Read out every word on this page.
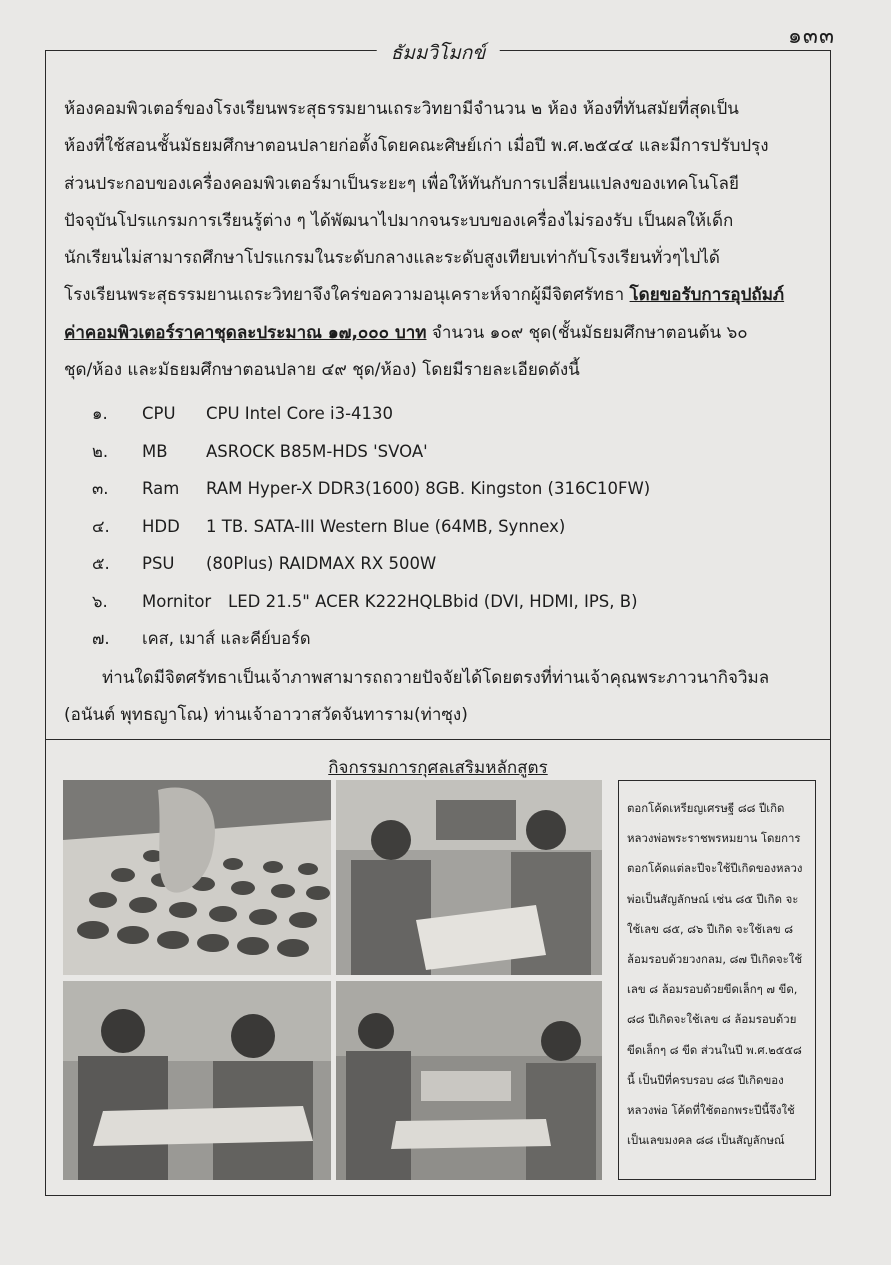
๑๓๓
ธัมมวิโมกข์

ห้องคอมพิวเตอร์ของโรงเรียนพระสุธรรมยานเถระวิทยามีจำนวน ๒ ห้อง ห้องที่ทันสมัยที่สุดเป็น

ห้องที่ใช้สอนชั้นมัธยมศึกษาตอนปลายก่อตั้งโดยคณะศิษย์เก่า เมื่อปี พ.ศ.๒๕๔๔ และมีการปรับปรุง

ส่วนประกอบของเครื่องคอมพิวเตอร์มาเป็นระยะๆ เพื่อให้ทันกับการเปลี่ยนแปลงของเทคโนโลยี

ปัจจุบันโปรแกรมการเรียนรู้ต่าง ๆ ได้พัฒนาไปมากจนระบบของเครื่องไม่รองรับ เป็นผลให้เด็ก

นักเรียนไม่สามารถศึกษาโปรแกรมในระดับกลางและระดับสูงเทียบเท่ากับโรงเรียนทั่วๆไปได้

โรงเรียนพระสุธรรมยานเถระวิทยาจึงใคร่ขอความอนุเคราะห์จากผู้มีจิตศรัทธา โดยขอรับการอุปถัมภ์

ค่าคอมพิวเตอร์ราคาชุดละประมาณ ๑๗,๐๐๐ บาท จำนวน ๑๐๙ ชุด(ชั้นมัธยมศึกษาตอนต้น ๖๐

ชุด/ห้อง และมัธยมศึกษาตอนปลาย ๔๙ ชุด/ห้อง) โดยมีรายละเอียดดังนี้

๑.	CPU	CPU Intel Core i3-4130
๒.	MB	ASROCK B85M-HDS 'SVOA'
๓.	Ram	RAM Hyper-X DDR3(1600) 8GB. Kingston (316C10FW)
๔.	HDD	1 TB. SATA-III Western Blue (64MB, Synnex)
๕.	PSU	(80Plus) RAIDMAX RX 500W
๖.	Mornitor	LED 21.5" ACER K222HQLBbid (DVI, HDMI, IPS, B)
๗.	เคส, เมาส์ และคีย์บอร์ด

ท่านใดมีจิตศรัทธาเป็นเจ้าภาพสามารถถวายปัจจัยได้โดยตรงที่ท่านเจ้าคุณพระภาวนากิจวิมล

(อนันต์ พุทธญาโณ) ท่านเจ้าอาวาสวัดจันทาราม(ท่าซุง)

กิจกรรมการกุศลเสริมหลักสูตร
ตอกโค้ดเหรียญเศรษฐี ๘๘ ปีเกิดหลวงพ่อพระราชพรหมยาน โดยการตอกโค้ดแต่ละปีจะใช้ปีเกิดของหลวงพ่อเป็นสัญลักษณ์ เช่น ๘๕ ปีเกิด จะใช้เลข ๘๕, ๘๖ ปีเกิด จะใช้เลข ๘ ล้อมรอบด้วยวงกลม, ๘๗ ปีเกิดจะใช้เลข ๘ ล้อมรอบด้วยขีดเล็กๆ ๗ ขีด, ๘๘ ปีเกิดจะใช้เลข ๘ ล้อมรอบด้วยขีดเล็กๆ ๘ ขีด ส่วนในปี พ.ศ.๒๕๕๘ นี้ เป็นปีที่ครบรอบ ๘๘ ปีเกิดของหลวงพ่อ โค้ดที่ใช้ตอกพระปีนี้จึงใช้เป็นเลขมงคล ๘๘ เป็นสัญลักษณ์
